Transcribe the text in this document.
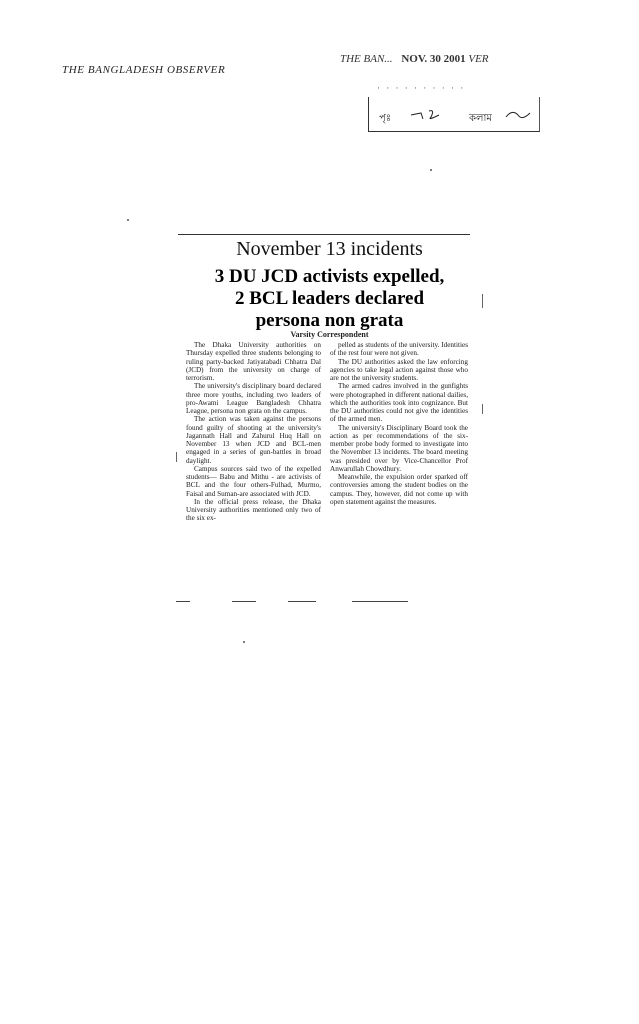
THE BANGLADESH OBSERVER
THE BAN... NOV. 30 2001 VER
· · · · · · · · · ·
পৃঃ	কলাম
November 13 incidents
3 DU JCD activists expelled,
2 BCL leaders declared
persona non grata
Varsity Correspondent

The Dhaka University authorities on Thursday expelled three students belonging to ruling party-backed Jatiyatabadi Chhatra Dal (JCD) from the university on charge of terrorism.

The university's disciplinary board declared three more youths, including two leaders of pro-Awami League Bangladesh Chhatra League, persona non grata on the campus.

The action was taken against the persons found guilty of shooting at the university's Jagannath Hall and Zahurul Huq Hall on November 13 when JCD and BCL-men engaged in a series of gun-battles in broad daylight.

Campus sources said two of the expelled students— Babu and Mithu - are activists of BCL and the four others-Fulhad, Murmo, Faisal and Suman-are associated with JCD.

In the official press release, the Dhaka University authorities mentioned only two of the six ex-

pelled as students of the university. Identities of the rest four were not given.

The DU authorities asked the law enforcing agencies to take legal action against those who are not the university students.

The armed cadres involved in the gunfights were photographed in different national dailies, which the authorities took into cognizance. But the DU authorities could not give the identities of the armed men.

The university's Disciplinary Board took the action as per recommendations of the six-member probe body formed to investigate into the November 13 incidents. The board meeting was presided over by Vice-Chancellor Prof Anwarullah Chowdhury.

Meanwhile, the expulsion order sparked off controversies among the student bodies on the campus. They, however, did not come up with open statement against the measures.
